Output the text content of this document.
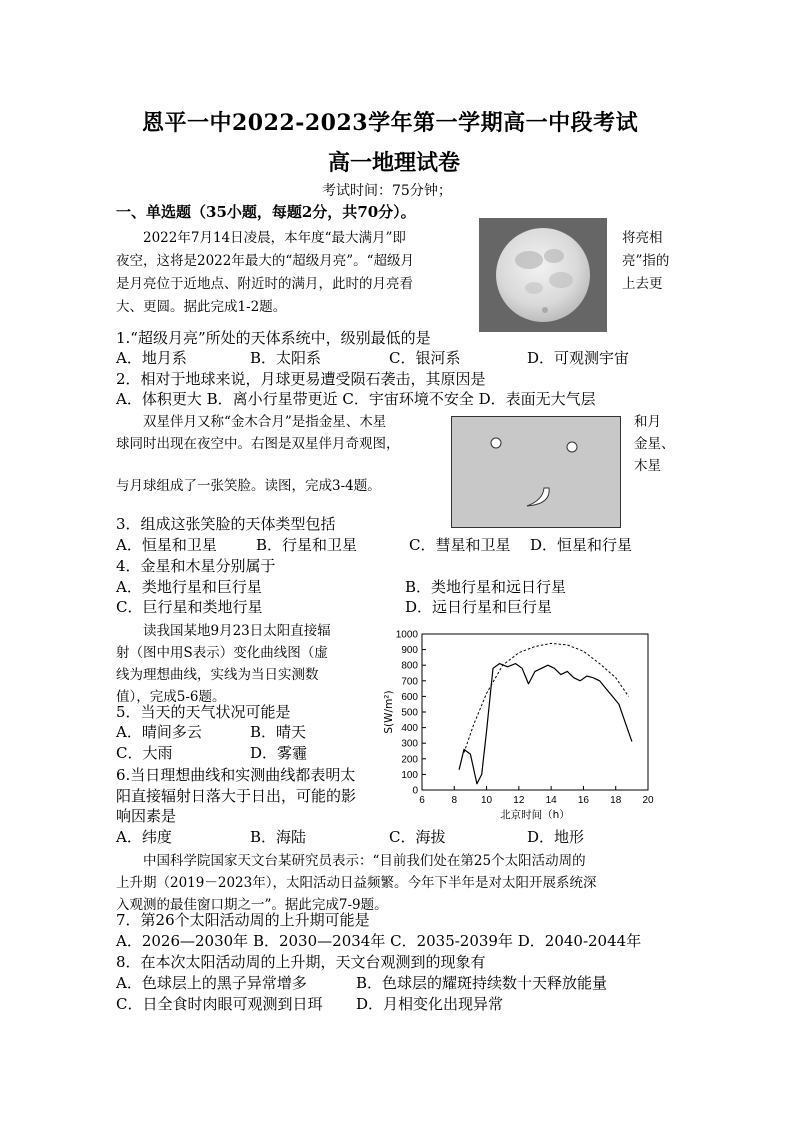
恩平一中2022-2023学年第一学期高一中段考试
高一地理试卷
考试时间：75分钟；
一、单选题（35小题，每题2分，共70分）。
2022年7月14日凌晨，本年度“最大满月”即
夜空，这将是2022年最大的“超级月亮”。“超级月
是月亮位于近地点、附近时的满月，此时的月亮看
大、更圆。据此完成1-2题。
将亮相
亮”指的
上去更
1.“超级月亮”所处的天体系统中，级别最低的是
A．地月系	B．太阳系	C．银河系	D．可观测宇宙
2．相对于地球来说，月球更易遭受陨石袭击，其原因是
A．体积更大 B．离小行星带更近 C．宇宙环境不安全 D．表面无大气层
双星伴月又称“金木合月”是指金星、木星
球同时出现在夜空中。右图是双星伴月奇观图，
与月球组成了一张笑脸。读图，完成3-4题。
和月
金星、
木星
3．组成这张笑脸的天体类型包括
A．恒星和卫星	B．行星和卫星	C．彗星和卫星 D．恒星和行星
4．金星和木星分别属于
A．类地行星和巨行星	B．类地行星和远日行星
C．巨行星和类地行星	D．远日行星和巨行星
读我国某地9月23日太阳直接辐
射（图中用S表示）变化曲线图（虚
线为理想曲线，实线为当日实测数
值），完成5-6题。
5．当天的天气状况可能是
A．晴间多云	B．晴天
C．大雨	D．雾霾
6.当日理想曲线和实测曲线都表明太
阳直接辐射日落大于日出，可能的影
响因素是
A．纬度	B．海陆	C．海拔	D．地形
0
100
200
300
400
500
600
700
800
900
1000
6	8 10 12 14 16 18 20
北京时间（h）
S(W/m²)
中国科学院国家天文台某研究员表示：“目前我们处在第25个太阳活动周的
上升期（2019－2023年），太阳活动日益频繁。今年下半年是对太阳开展系统深
入观测的最佳窗口期之一”。据此完成7-9题。
7．第26个太阳活动周的上升期可能是
A．2026—2030年 B．2030—2034年 C．2035-2039年 D．2040-2044年
8．在本次太阳活动周的上升期，天文台观测到的现象有
A．色球层上的黑子异常增多	B．色球层的耀斑持续数十天释放能量
C．日全食时肉眼可观测到日珥 D．月相变化出现异常
